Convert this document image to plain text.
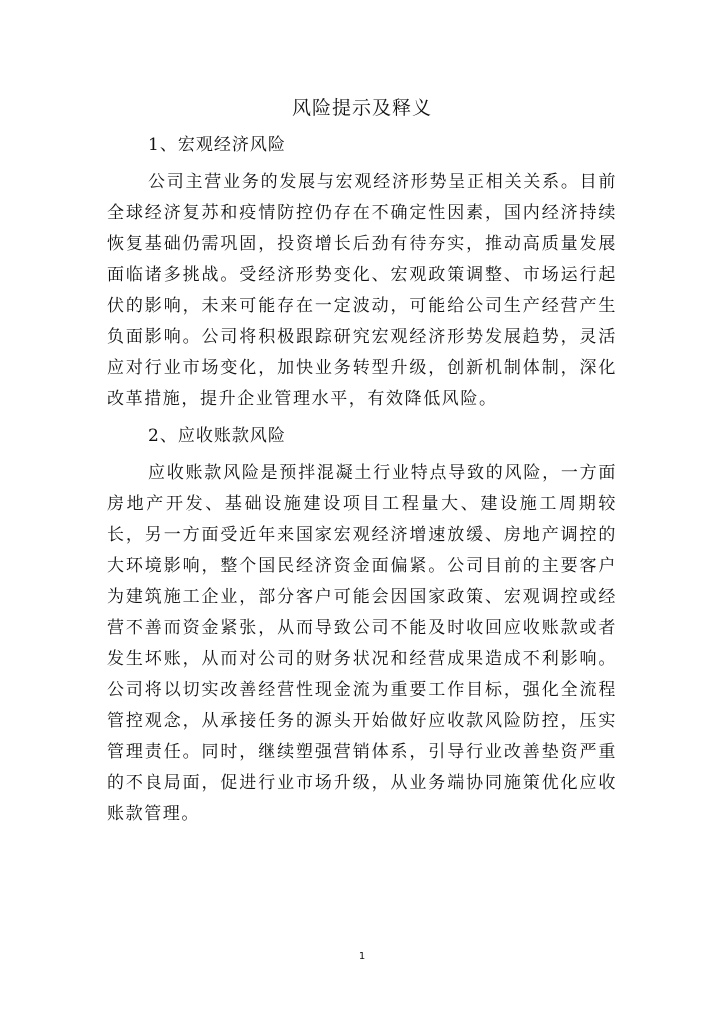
风险提示及释义

1、宏观经济风险

公司主营业务的发展与宏观经济形势呈正相关关系。目前全球经济复苏和疫情防控仍存在不确定性因素，国内经济持续恢复基础仍需巩固，投资增长后劲有待夯实，推动高质量发展面临诸多挑战。受经济形势变化、宏观政策调整、市场运行起伏的影响，未来可能存在一定波动，可能给公司生产经营产生负面影响。公司将积极跟踪研究宏观经济形势发展趋势，灵活应对行业市场变化，加快业务转型升级，创新机制体制，深化改革措施，提升企业管理水平，有效降低风险。

2、应收账款风险

应收账款风险是预拌混凝土行业特点导致的风险，一方面房地产开发、基础设施建设项目工程量大、建设施工周期较长，另一方面受近年来国家宏观经济增速放缓、房地产调控的大环境影响，整个国民经济资金面偏紧。公司目前的主要客户为建筑施工企业，部分客户可能会因国家政策、宏观调控或经营不善而资金紧张，从而导致公司不能及时收回应收账款或者发生坏账，从而对公司的财务状况和经营成果造成不利影响。公司将以切实改善经营性现金流为重要工作目标，强化全流程管控观念，从承接任务的源头开始做好应收款风险防控，压实管理责任。同时，继续塑强营销体系，引导行业改善垫资严重的不良局面，促进行业市场升级，从业务端协同施策优化应收账款管理。

1
